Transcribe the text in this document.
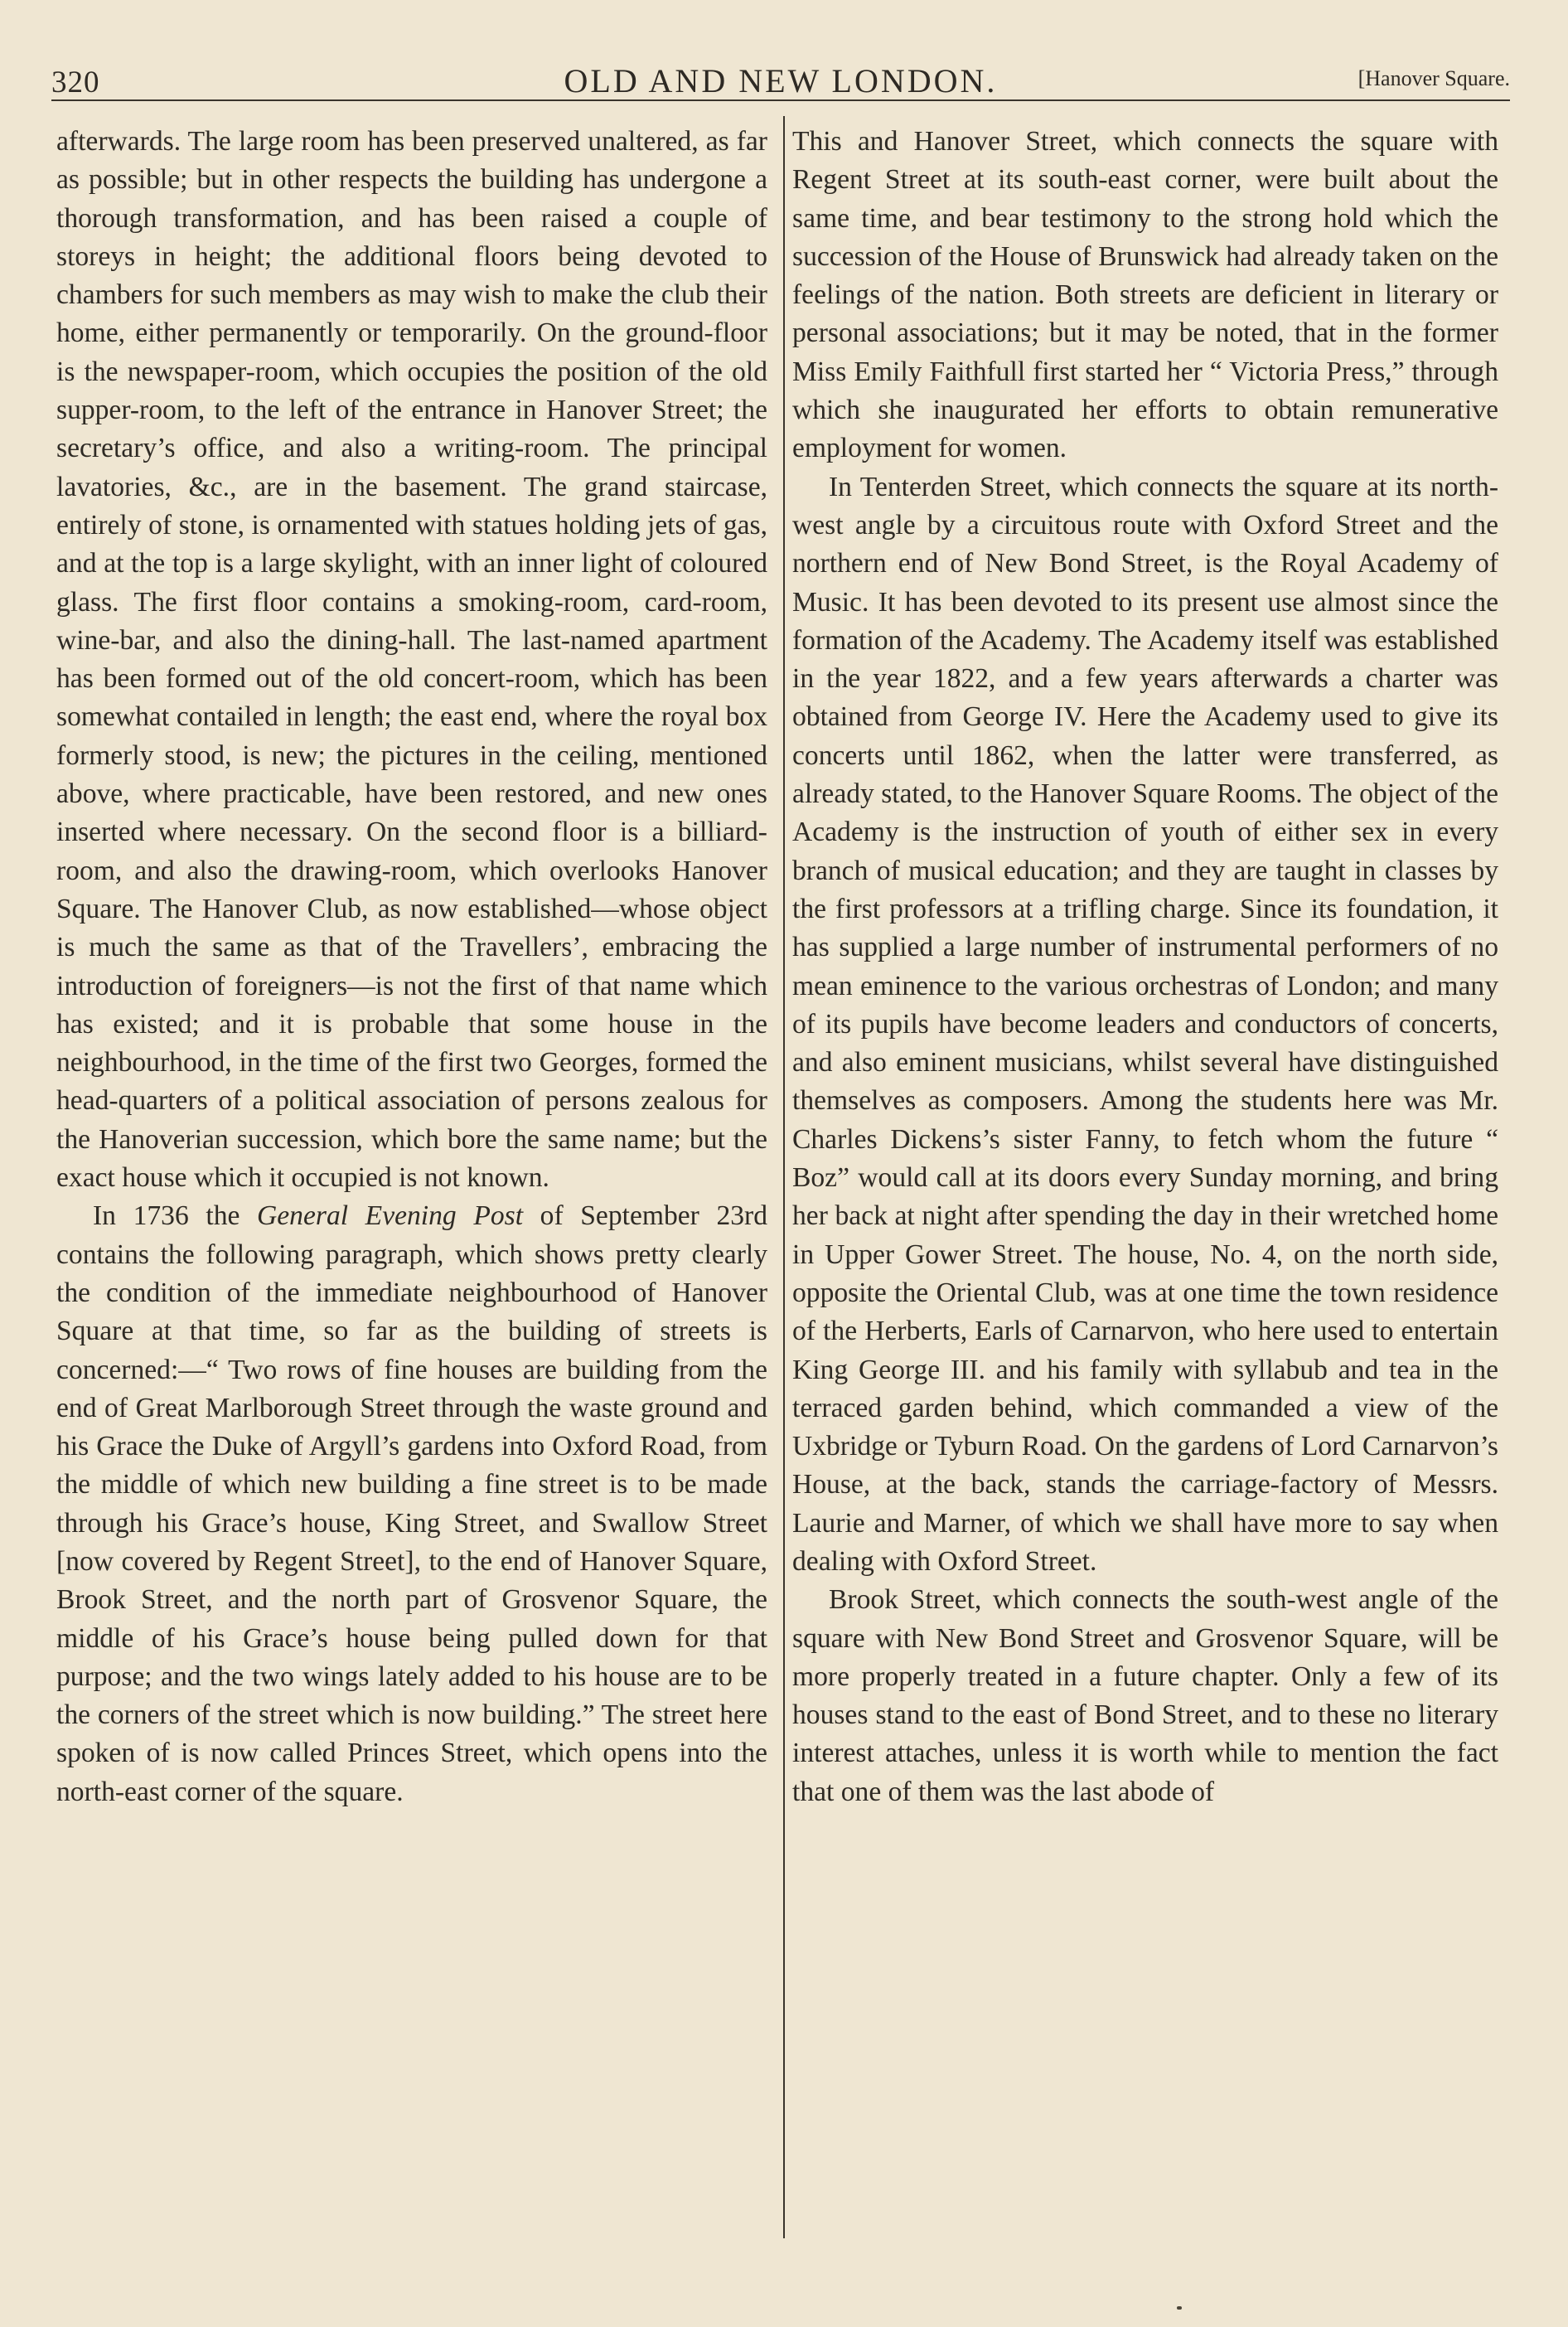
320	OLD AND NEW LONDON.	[Hanover Square.

afterwards. The large room has been preserved unaltered, as far as possible; but in other respects the building has undergone a thorough transformation, and has been raised a couple of storeys in height; the additional floors being devoted to chambers for such members as may wish to make the club their home, either permanently or temporarily. On the ground-floor is the newspaper-room, which occupies the position of the old supper-room, to the left of the entrance in Hanover Street; the secretary’s office, and also a writing-room. The principal lavatories, &c., are in the basement. The grand staircase, entirely of stone, is ornamented with statues holding jets of gas, and at the top is a large skylight, with an inner light of coloured glass. The first floor contains a smoking-room, card-room, wine-bar, and also the dining-hall. The last-named apartment has been formed out of the old concert-room, which has been somewhat contailed in length; the east end, where the royal box formerly stood, is new; the pictures in the ceiling, mentioned above, where practicable, have been restored, and new ones inserted where necessary. On the second floor is a billiard-room, and also the drawing-room, which overlooks Hanover Square. The Hanover Club, as now established—whose object is much the same as that of the Travellers’, embracing the introduction of foreigners—is not the first of that name which has existed; and it is probable that some house in the neighbourhood, in the time of the first two Georges, formed the head-quarters of a political association of persons zealous for the Hanoverian succession, which bore the same name; but the exact house which it occupied is not known.

In 1736 the General Evening Post of September 23rd contains the following paragraph, which shows pretty clearly the condition of the immediate neighbourhood of Hanover Square at that time, so far as the building of streets is concerned:—“ Two rows of fine houses are building from the end of Great Marlborough Street through the waste ground and his Grace the Duke of Argyll’s gardens into Oxford Road, from the middle of which new building a fine street is to be made through his Grace’s house, King Street, and Swallow Street [now covered by Regent Street], to the end of Hanover Square, Brook Street, and the north part of Grosvenor Square, the middle of his Grace’s house being pulled down for that purpose; and the two wings lately added to his house are to be the corners of the street which is now building.” The street here spoken of is now called Princes Street, which opens into the north-east corner of the square.

This and Hanover Street, which connects the square with Regent Street at its south-east corner, were built about the same time, and bear testimony to the strong hold which the succession of the House of Brunswick had already taken on the feelings of the nation. Both streets are deficient in literary or personal associations; but it may be noted, that in the former Miss Emily Faithfull first started her “ Victoria Press,” through which she inaugurated her efforts to obtain remunerative employment for women.

In Tenterden Street, which connects the square at its north-west angle by a circuitous route with Oxford Street and the northern end of New Bond Street, is the Royal Academy of Music. It has been devoted to its present use almost since the formation of the Academy. The Academy itself was established in the year 1822, and a few years afterwards a charter was obtained from George IV. Here the Academy used to give its concerts until 1862, when the latter were transferred, as already stated, to the Hanover Square Rooms. The object of the Academy is the instruction of youth of either sex in every branch of musical education; and they are taught in classes by the first professors at a trifling charge. Since its foundation, it has supplied a large number of instrumental performers of no mean eminence to the various orchestras of London; and many of its pupils have become leaders and conductors of concerts, and also eminent musicians, whilst several have distinguished themselves as composers. Among the students here was Mr. Charles Dickens’s sister Fanny, to fetch whom the future “ Boz” would call at its doors every Sunday morning, and bring her back at night after spending the day in their wretched home in Upper Gower Street. The house, No. 4, on the north side, opposite the Oriental Club, was at one time the town residence of the Herberts, Earls of Carnarvon, who here used to entertain King George III. and his family with syllabub and tea in the terraced garden behind, which commanded a view of the Uxbridge or Tyburn Road. On the gardens of Lord Carnarvon’s House, at the back, stands the carriage-factory of Messrs. Laurie and Marner, of which we shall have more to say when dealing with Oxford Street.

Brook Street, which connects the south-west angle of the square with New Bond Street and Grosvenor Square, will be more properly treated in a future chapter. Only a few of its houses stand to the east of Bond Street, and to these no literary interest attaches, unless it is worth while to mention the fact that one of them was the last abode of
